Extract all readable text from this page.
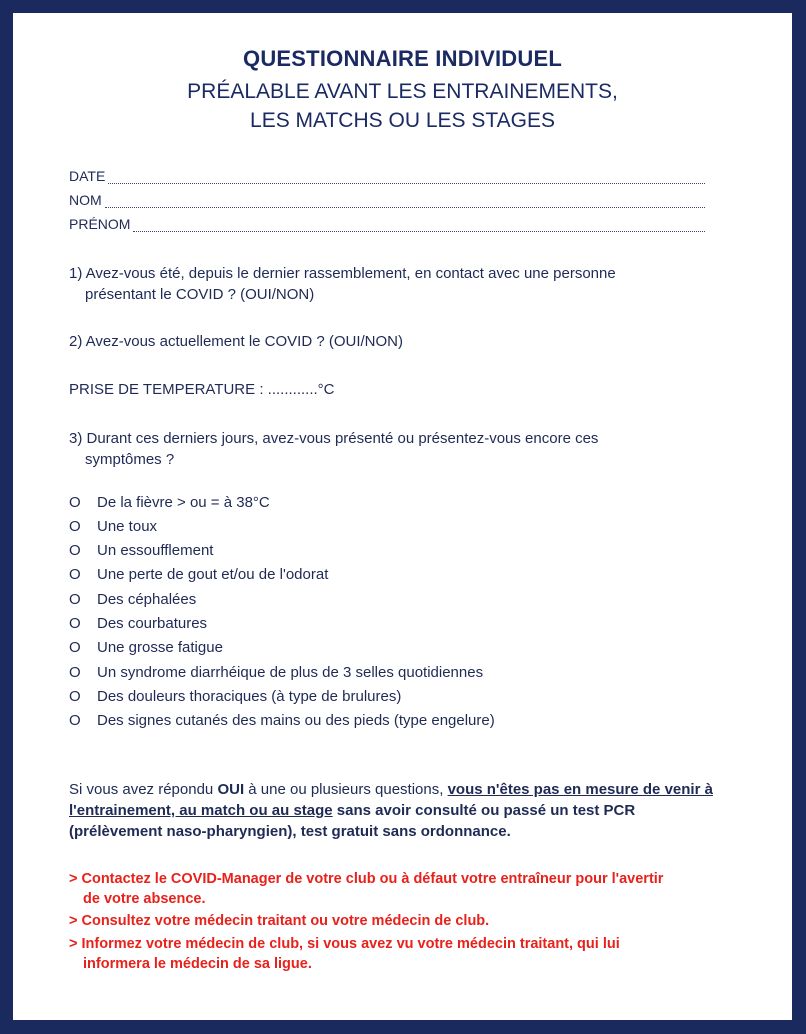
QUESTIONNAIRE INDIVIDUEL
PRÉALABLE AVANT LES ENTRAINEMENTS,
LES MATCHS OU LES STAGES
DATE
NOM
PRÉNOM
1) Avez-vous été, depuis le dernier rassemblement, en contact avec une personne
présentant le COVID ? (OUI/NON)
2) Avez-vous actuellement le COVID ? (OUI/NON)
PRISE DE TEMPERATURE : ............°C
3) Durant ces derniers jours, avez-vous présenté ou présentez-vous encore ces
symptômes ?
O	De la fièvre > ou = à 38°C
O	Une toux
O	Un essoufflement
O	Une perte de gout et/ou de l'odorat
O	Des céphalées
O	Des courbatures
O	Une grosse fatigue
O	Un syndrome diarrhéique de plus de 3 selles quotidiennes
O	Des douleurs thoraciques (à type de brulures)
O	Des signes cutanés des mains ou des pieds (type engelure)
Si vous avez répondu OUI à une ou plusieurs questions, vous n'êtes pas en mesure de venir à l'entrainement, au match ou au stage sans avoir consulté ou passé un test PCR (prélèvement naso-pharyngien), test gratuit sans ordonnance.
> Contactez le COVID-Manager de votre club ou à défaut votre entraîneur pour l'avertir
de votre absence.
> Consultez votre médecin traitant ou votre médecin de club.
> Informez votre médecin de club, si vous avez vu votre médecin traitant, qui lui
informera le médecin de sa ligue.
